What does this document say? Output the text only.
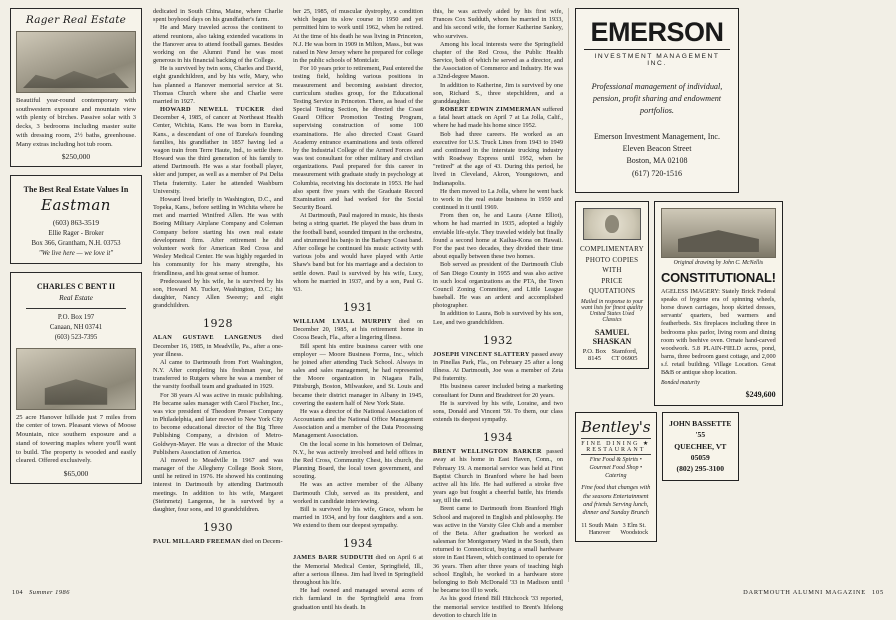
Rager Real Estate
Beautiful year-round contemporary with southwestern exposure and mountain view with plenty of birches. Passive solar with 3 decks, 3 bedrooms including master suite with dressing room, 2½ baths, greenhouse. Many extras including hot tub room.
$250,000
The Best Real Estate Values In
Eastman
(603) 863-3519
Ellie Rager - Broker
Box 366, Grantham, N.H. 03753
"We live here — we love it"
CHARLES C BENT II
Real Estate
P.O. Box 197
Canaan, NH 03741
(603) 523-7395
25 acre Hanover hillside just 7 miles from the center of town. Pleasant views of Moose Mountain, nice southern exposure and a stand of towering maples where you'll want to build. The property is wooded and easily cleared. Offered exclusively.
$65,000

dedicated in South China, Maine, where Charlie spent boyhood days on his grandfather's farm.

He and Mary traveled across the continent to attend reunions, also taking extended vacations in the Hanover area to attend football games. Besides working on the Alumni Fund he was most generous in his financial backing of the College.

He is survived by twin sons, Charles and David, eight grandchildren, and by his wife, Mary, who has planned a Hanover memorial service at St. Thomas Church where she and Charlie were married in 1927.

HOWARD NEWELL TUCKER died December 4, 1985, of cancer at Northeast Health Center, Wichita, Kans. He was born in Eureka, Kans., a descendant of one of Eureka's founding families, his grandfather in 1857 having led a wagon train from Terre Haute, Ind., to settle there. Howard was the third generation of his family to attend Dartmouth. He was a star football player, skier and jumper, as well as a member of Psi Delta Theta fraternity. Later he attended Washburn University.

Howard lived briefly in Washington, D.C., and Topeka, Kans., before settling in Wichita where he met and married Winifred Allen. He was with Boeing Military Airplane Company and Coleman Company before starting his own real estate development firm. After retirement he did volunteer work for American Red Cross and Wesley Medical Center. He was highly regarded in his community for his many strengths, his friendliness, and his great sense of humor.

Predeceased by his wife, he is survived by his son, Howard M. Tucker, Washington, D.C.; his daughter, Nancy Allen Sweeny; and eight grandchildren.

1928

ALAN GUSTAVE LANGENUS died December 16, 1985, in Meadville, Pa., after a one-year illness.

Al came to Dartmouth from Fort Washington, N.Y. After completing his freshman year, he transferred to Rutgers where he was a member of the varsity football team and graduated in 1929.

For 38 years Al was active in music publishing. He became sales manager with Carol Fischer, Inc., was vice president of Theodore Presser Company in Philadelphia, and later moved to New York City to become educational director of the Big Three Publishing Company, a division of Metro-Goldwyn-Mayer. He was a director of the Music Publishers Association of America.

Al moved to Meadville in 1967 and was manager of the Allegheny College Book Store, until he retired in 1976. He showed his continuing interest in Dartmouth by attending Dartmouth meetings. In addition to his wife, Margaret (Steinmetz) Langenus, he is survived by a daughter, four sons, and 10 grandchildren.

1930

PAUL MILLARD FREEMAN died on Decem-

ber 25, 1985, of muscular dystrophy, a condition which began its slow course in 1950 and yet permitted him to work until 1962, when he retired. At the time of his death he was living in Princeton, N.J. He was born in 1909 in Milton, Mass., but was raised in New Jersey where he prepared for college in the public schools of Montclair.

For 10 years prior to retirement, Paul entered the testing field, holding various positions in measurement and becoming assistant director, curriculum studies group, for the Educational Testing Service in Princeton. There, as head of the Special Testing Section, he directed the Coast Guard Officer Promotion Testing Program, supervising construction of some 100 examinations. He also directed Coast Guard Academy entrance examinations and tests offered by the Industrial College of the Armed Forces and was test consultant for other military and civilian organizations. Paul prepared for this career in measurement with graduate study in psychology at Columbia, receiving his doctorate in 1953. He had also spent five years with the Graduate Record Examination and had worked for the Social Security Board.

At Dartmouth, Paul majored in music, his thesis being a string quartet. He played the bass drum in the football band, sounded timpani in the orchestra, and strummed his banjo in the Barbary Coast band. After college he continued his music activity with various jobs and would have played with Artie Shaw's band but for his marriage and a decision to settle down. Paul is survived by his wife, Lucy, whom he married in 1937, and by a son, Paul G. '63.

1931

WILLIAM LYALL MURPHY died on December 20, 1985, at his retirement home in Cocoa Beach, Fla., after a lingering illness.

Bill spent his entire business career with one employer — Moore Business Forms, Inc., which he joined after attending Tuck School. Always in sales and sales management, he had represented the Moore organization in Niagara Falls, Pittsburgh, Boston, Milwaukee, and St. Louis and became their district manager in Albany in 1945, covering the eastern half of New York State.

He was a director of the National Association of Accountants and the National Office Management Association and a member of the Data Processing Management Association.

On the local scene in his hometown of Delmar, N.Y., he was actively involved and held offices in the Red Cross, Community Chest, his church, the Planning Board, the local town government, and scouting.

He was an active member of the Albany Dartmouth Club, served as its president, and worked in candidate interviewing.

Bill is survived by his wife, Grace, whom he married in 1934, and by four daughters and a son. We extend to them our deepest sympathy.

1934

JAMES BARR SUDDUTH died on April 6 at the Memorial Medical Center, Springfield, Ill., after a serious illness. Jim had lived in Springfield throughout his life.

He had owned and managed several acres of rich farmland in the Springfield area from graduation until his death. In

this, he was actively aided by his first wife, Frances Cox Sudduth, whom he married in 1933, and his second wife, the former Katherine Sankey, who survives.

Among his local interests were the Springfield chapter of the Red Cross, the Public Health Service, both of which he served as a director, and the Association of Commerce and Industry. He was a 32nd-degree Mason.

In addition to Katherine, Jim is survived by one son, Richard S., three stepchildren, and a granddaughter.

ROBERT EDWIN ZIMMERMAN suffered a fatal heart attack on April 7 at La Jolla, Calif., where he had made his home since 1952.

Bob had three careers. He worked as an executive for U.S. Truck Lines from 1943 to 1949 and continued in the interstate trucking industry with Roadway Express until 1952, when he "retired" at the age of 43. During this period, he lived in Cleveland, Akron, Youngstown, and Indianapolis.

He then moved to La Jolla, where he went back to work in the real estate business in 1959 and continued in it until 1969.

From then on, he and Laura (Anne Elliot), whom he had married in 1935, adopted a highly enviable life-style. They traveled widely but finally found a second home at Kailua-Kona on Hawaii. For the past two decades, they divided their time about equally between these two homes.

Bob served as president of the Dartmouth Club of San Diego County in 1955 and was also active in such local organizations as the PTA, the Town Council Zoning Committee, and Little League baseball. He was an ardent and accomplished photographer.

In addition to Laura, Bob is survived by his son, Lee, and two grandchildren.

1932

JOSEPH VINCENT SLATTERY passed away in Pinellas Park, Fla., on February 25 after a long illness. At Dartmouth, Joe was a member of Zeta Psi fraternity.

His business career included being a marketing consultant for Dunn and Bradstreet for 20 years.

He is survived by his wife, Loraine, and two sons, Donald and Vincent '59. To them, our class extends its deepest sympathy.

1934

BRENT WELLINGTON BARKER passed away at his home in East Haven, Conn., on February 19. A memorial service was held at First Baptist Church in Branford where he had been active all his life. He had suffered a stroke five years ago but fought a cheerful battle, his friends say, till the end.

Brent came to Dartmouth from Branford High School and majored in English and philosophy. He was active in the Varsity Glee Club and a member of the Beta. After graduation he worked as salesman for Montgomery Ward in the South, then returned to Connecticut, buying a small hardware store in East Haven, which continued to operate for 36 years. Then after three years of teaching high school English, he worked in a hardware store belonging to Bob McDonald '33 in Madison until he became too ill to work.

As his good friend Bill Hitchcock '33 reported, the memorial service testified to Brent's lifelong devotion to church life in

EMERSON
INVESTMENT MANAGEMENT INC.
Professional management of individual, pension, profit sharing and endowment portfolios.
Emerson Investment Management, Inc.
Eleven Beacon Street
Boston, MA 02108
(617) 720-1516
COMPLIMENTARY
PHOTO COPIES
WITH
PRICE
QUOTATIONS
Mailed in response to your want lists for finest quality United States Used Classics
SAMUEL SHASKAN
P.O. Box 8145
Stamford, CT 06905
Original drawing by John C. McNellis
CONSTITUTIONAL!
AGELESS IMAGERY: Stately Brick Federal speaks of bygone era of spinning wheels, horse drawn carriages, hoop skirted dresses, servants' quarters, bed warmers and featherbeds. Six fireplaces including three in bedrooms plus parlor, living room and dining room with beehive oven. Ornate hand-carved woodwork. 5.8 PLAIN-FIELD acres, pond, barns, three bedroom guest cottage, and 2,000 s.f. retail building. Village Location. Great B&B or antique shop location.
Bonded maturity
$249,600
Bentley's
FINE DINING ★ RESTAURANT
Fine Food & Spirits • Gourmet Food Shop • Catering
Fine food that changes with the seasons Entertainment and friends Serving lunch, dinner and Sunday Brunch
11 South Main Hanover
3 Elm St. Woodstock
JOHN BASSETTE '55
QUECHEE, VT 05059
(802) 295-3100
104 Summer 1986	DARTMOUTH ALUMNI MAGAZINE 105
